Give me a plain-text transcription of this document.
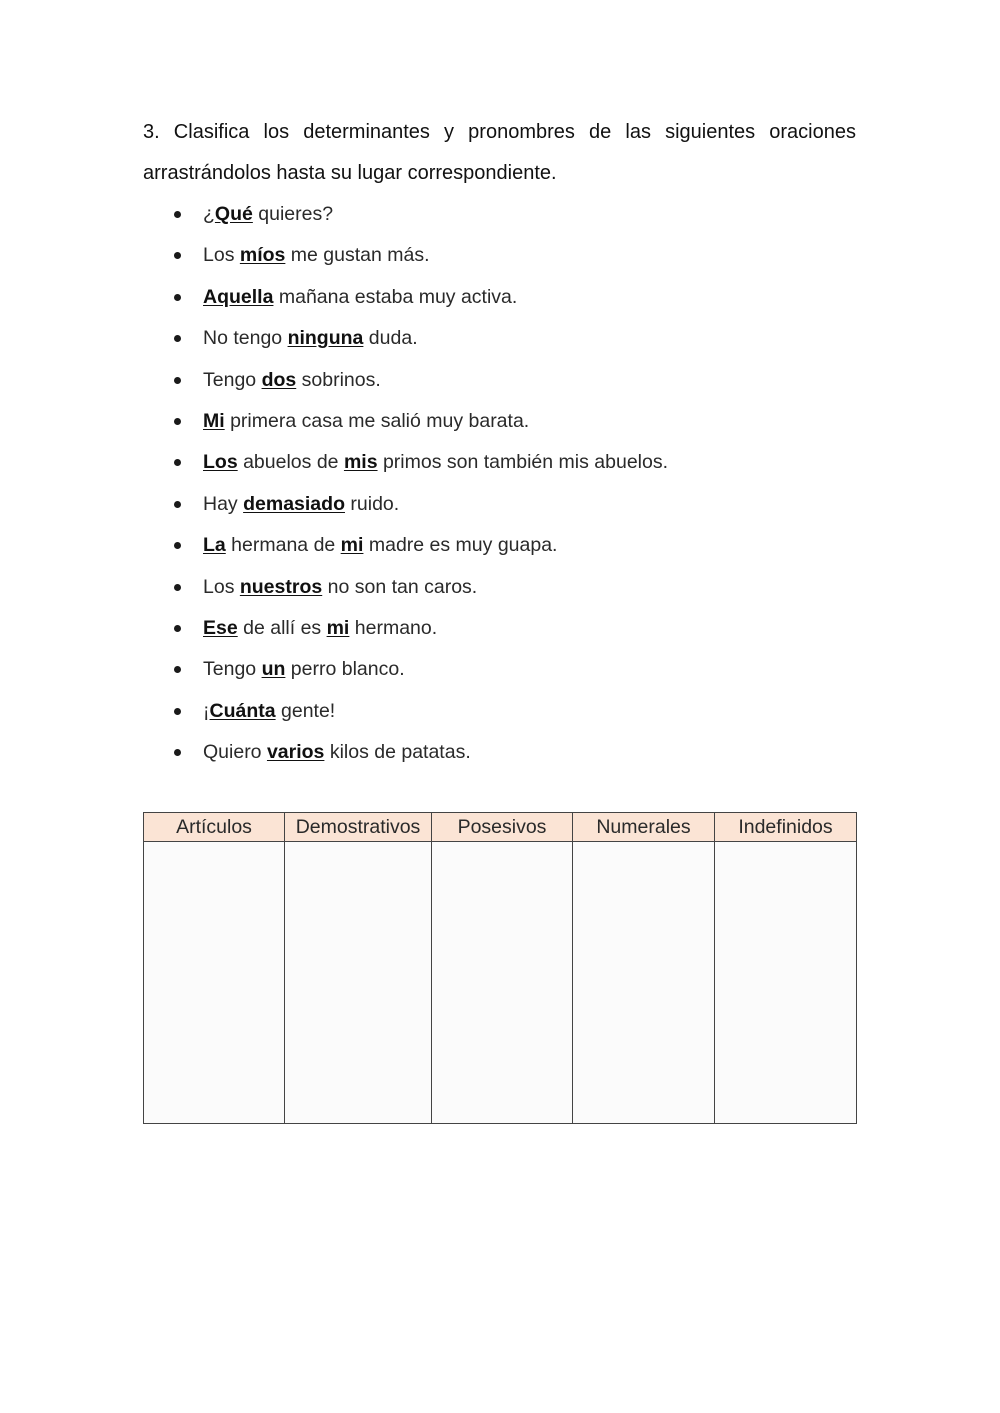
3. Clasifica los determinantes y pronombres de las siguientes oraciones arrastrándolos hasta su lugar correspondiente.

¿Qué quieres?
Los míos me gustan más.
Aquella mañana estaba muy activa.
No tengo ninguna duda.
Tengo dos sobrinos.
Mi primera casa me salió muy barata.
Los abuelos de mis primos son también mis abuelos.
Hay demasiado ruido.
La hermana de mi madre es muy guapa.
Los nuestros no son tan caros.
Ese de allí es mi hermano.
Tengo un perro blanco.
¡Cuánta gente!
Quiero varios kilos de patatas.
Artículos	Demostrativos	Posesivos	Numerales	Indefinidos
